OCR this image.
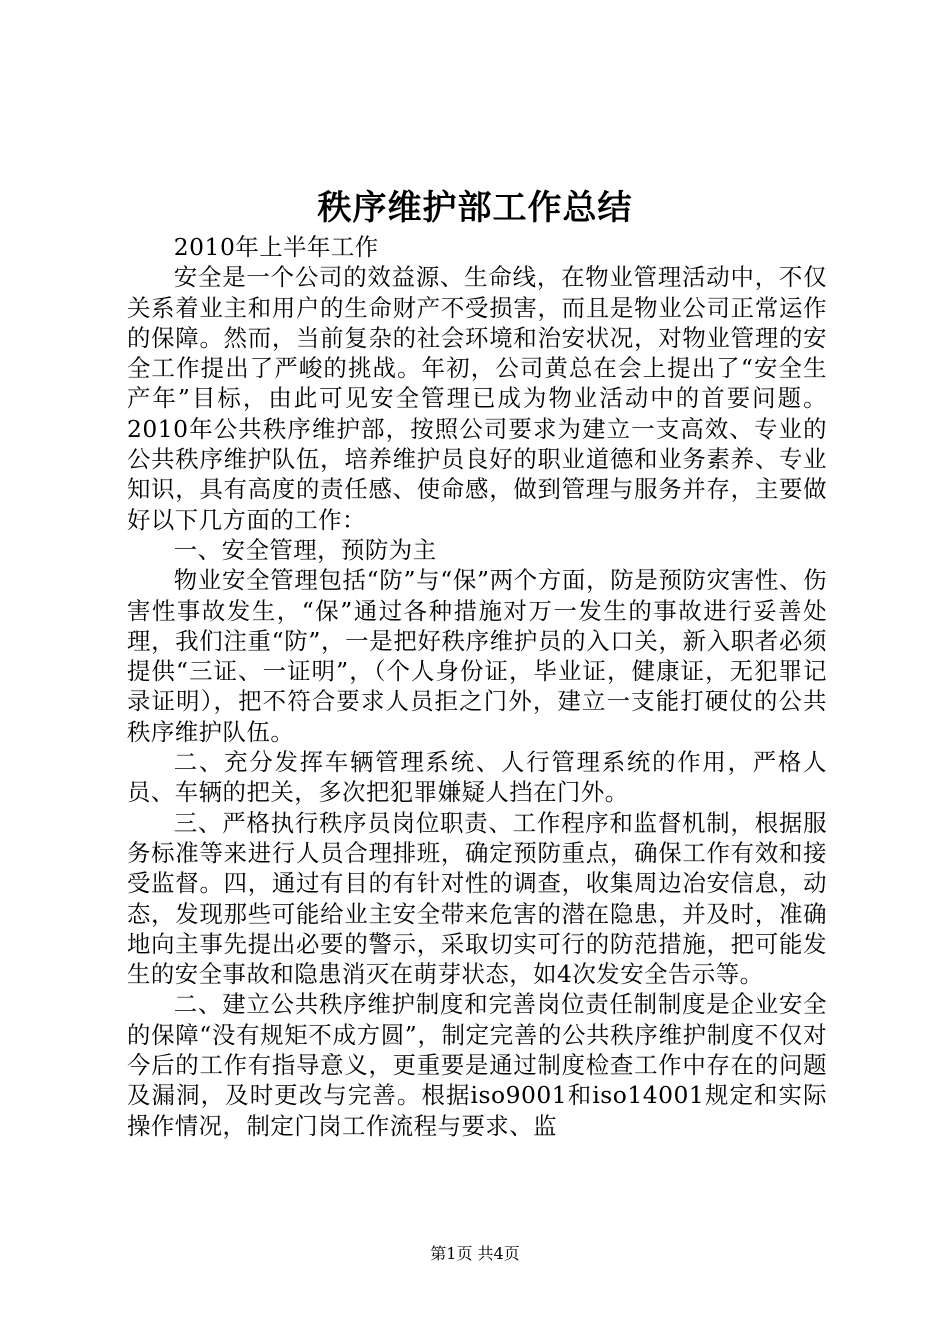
秩序维护部工作总结

2010年上半年工作

安全是一个公司的效益源、生命线，在物业管理活动中，不仅关系着业主和用户的生命财产不受损害，而且是物业公司正常运作的保障。然而，当前复杂的社会环境和治安状况，对物业管理的安全工作提出了严峻的挑战。年初，公司黄总在会上提出了“安全生产年”目标，由此可见安全管理已成为物业活动中的首要问题。2010年公共秩序维护部，按照公司要求为建立一支高效、专业的公共秩序维护队伍，培养维护员良好的职业道德和业务素养、专业知识，具有高度的责任感、使命感，做到管理与服务并存，主要做好以下几方面的工作：

一、安全管理，预防为主

物业安全管理包括“防”与“保”两个方面，防是预防灾害性、伤害性事故发生，“保”通过各种措施对万一发生的事故进行妥善处理，我们注重“防”，一是把好秩序维护员的入口关，新入职者必须提供“三证、一证明”，（个人身份证，毕业证，健康证，无犯罪记录证明），把不符合要求人员拒之门外，建立一支能打硬仗的公共秩序维护队伍。

二、充分发挥车辆管理系统、人行管理系统的作用，严格人员、车辆的把关，多次把犯罪嫌疑人挡在门外。

三、严格执行秩序员岗位职责、工作程序和监督机制，根据服务标准等来进行人员合理排班，确定预防重点，确保工作有效和接受监督。四，通过有目的有针对性的调查，收集周边冶安信息，动态，发现那些可能给业主安全带来危害的潜在隐患，并及时，准确地向主事先提出必要的警示，采取切实可行的防范措施，把可能发生的安全事故和隐患消灭在萌芽状态，如4次发安全告示等。

二、建立公共秩序维护制度和完善岗位责任制制度是企业安全的保障“没有规矩不成方圆”，制定完善的公共秩序维护制度不仅对今后的工作有指导意义，更重要是通过制度检查工作中存在的问题及漏洞，及时更改与完善。根据iso9001和iso14001规定和实际操作情况，制定门岗工作流程与要求、监

第1页 共4页
